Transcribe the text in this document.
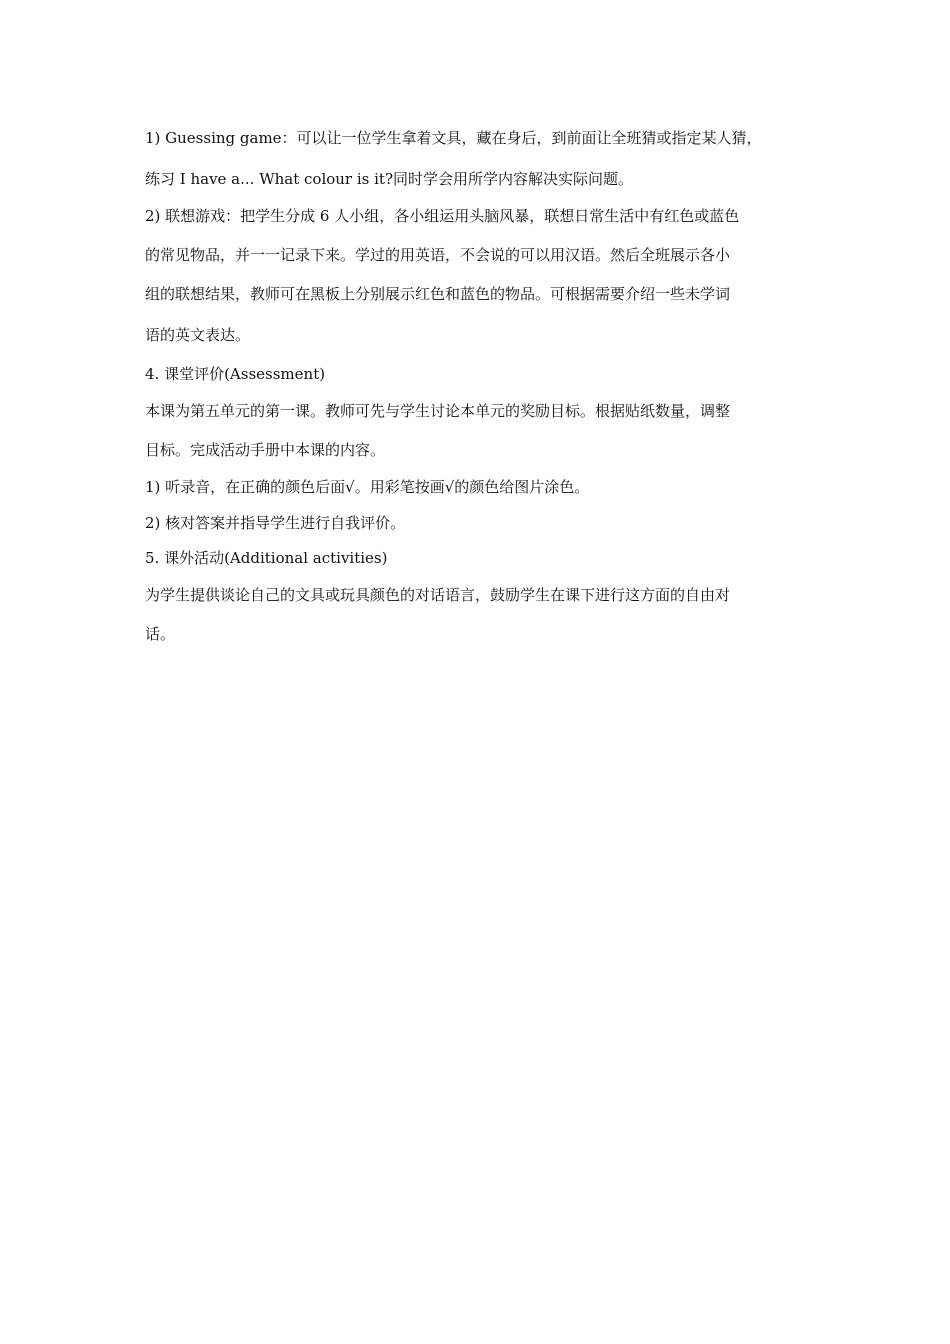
1) Guessing game：可以让一位学生拿着文具，藏在身后，到前面让全班猜或指定某人猜，
练习 I have a... What colour is it?同时学会用所学内容解决实际问题。
2) 联想游戏：把学生分成 6 人小组，各小组运用头脑风暴，联想日常生活中有红色或蓝色
的常见物品，并一一记录下来。学过的用英语，不会说的可以用汉语。然后全班展示各小
组的联想结果，教师可在黑板上分别展示红色和蓝色的物品。可根据需要介绍一些未学词
语的英文表达。
4. 课堂评价(Assessment)
本课为第五单元的第一课。教师可先与学生讨论本单元的奖励目标。根据贴纸数量，调整
目标。完成活动手册中本课的内容。
1) 听录音，在正确的颜色后面√。用彩笔按画√的颜色给图片涂色。
2) 核对答案并指导学生进行自我评价。
5. 课外活动(Additional activities)
为学生提供谈论自己的文具或玩具颜色的对话语言，鼓励学生在课下进行这方面的自由对
话。
